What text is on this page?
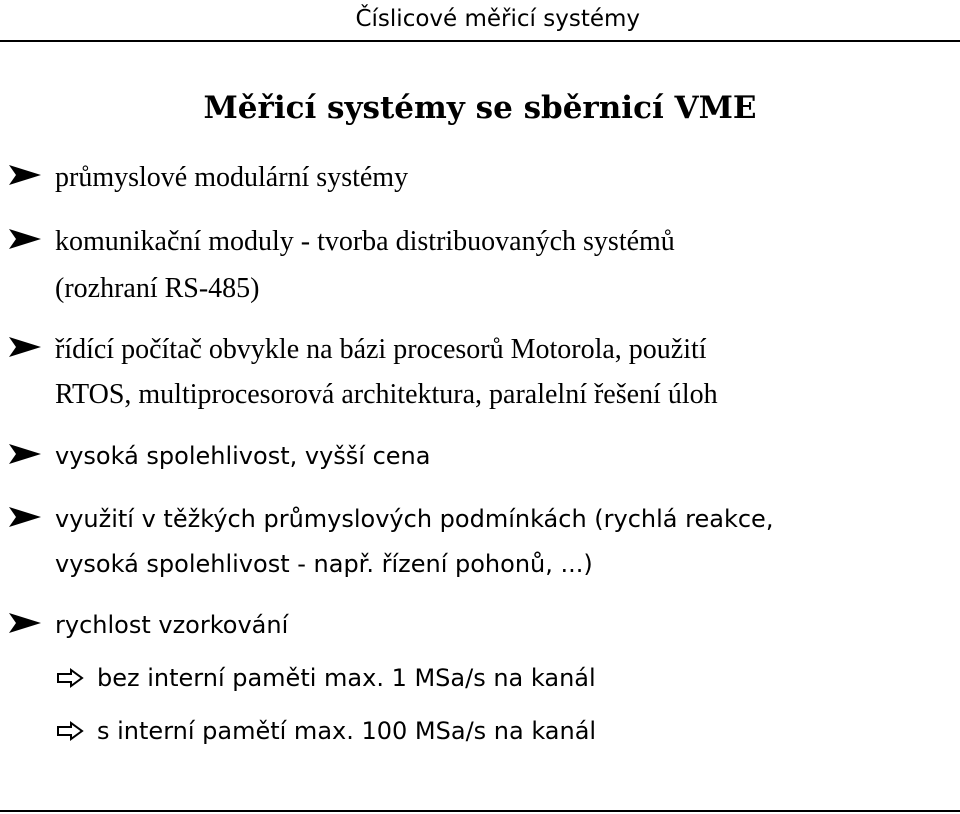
Číslicové měřicí systémy
Měřicí systémy se sběrnicí VME
průmyslové modulární systémy
komunikační moduly - tvorba distribuovaných systémů
(rozhraní RS-485)
řídící počítač obvykle na bázi procesorů Motorola, použití
RTOS, multiprocesorová architektura, paralelní řešení úloh
vysoká spolehlivost, vyšší cena
využití v těžkých průmyslových podmínkách (rychlá reakce,
vysoká spolehlivost - např. řízení pohonů, ...)
rychlost vzorkování
bez interní paměti max. 1 MSa/s na kanál
s interní pamětí max. 100 MSa/s na kanál
